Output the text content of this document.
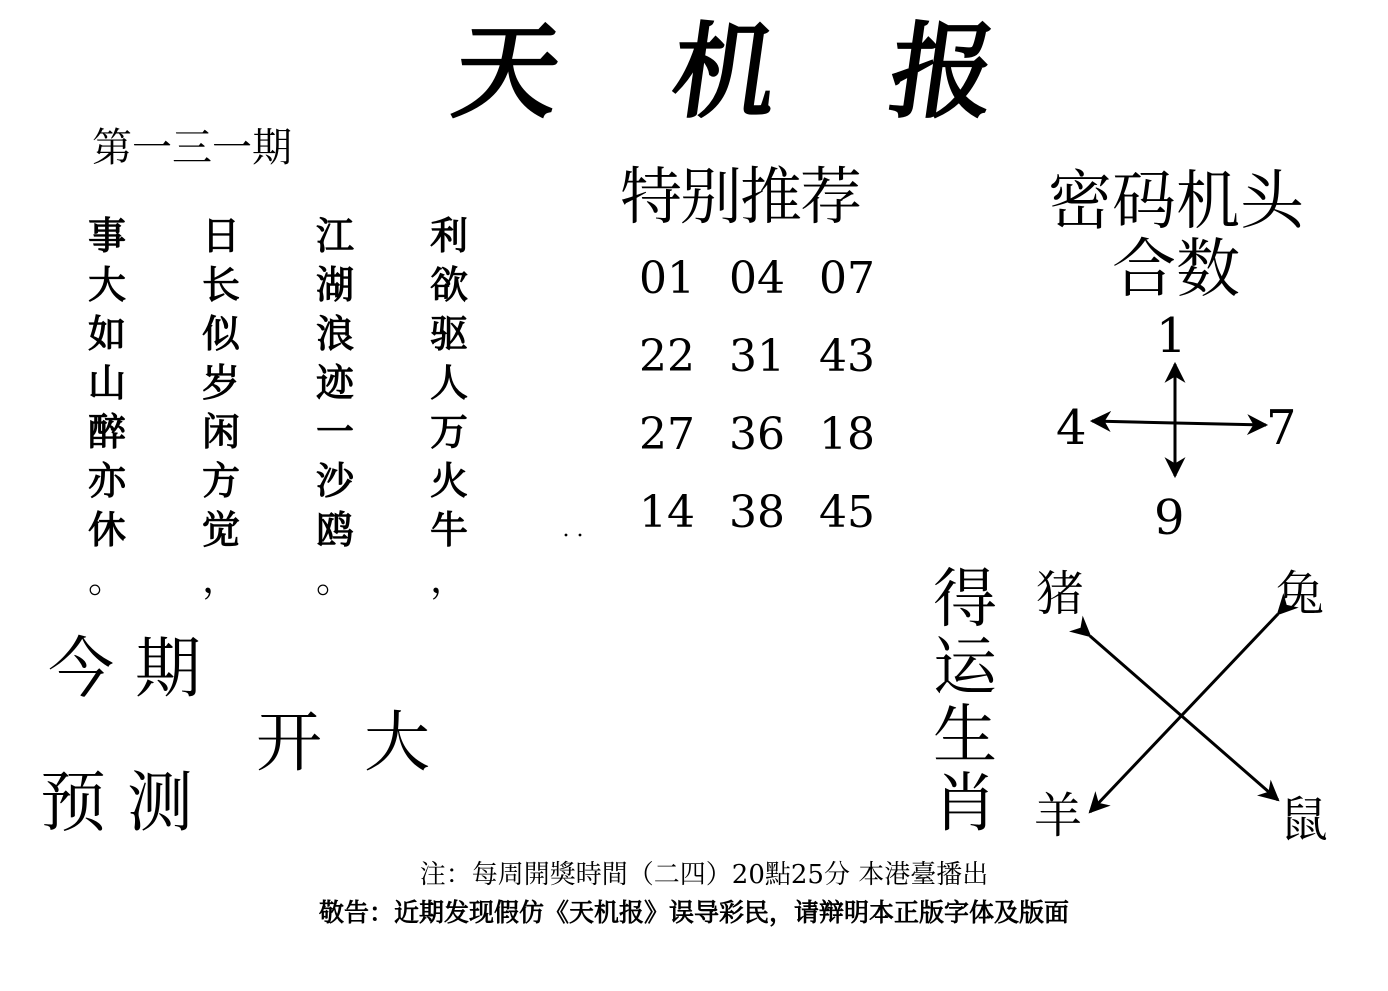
天 机 报
第一三一期
事
大
如
山
醉
亦
休
。
日
长
似
岁
闲
方
觉
，
江
湖
浪
迹
一
沙
鸥
。
利
欲
驱
人
万
火
牛
，
今 期
开  大
预 测
特别推荐
01 04 07
22 31 43
27 36 18
14 38 45
密码机头
合数
1
4	7
9
得
运
生
肖
猪	兔
羊	鼠
注：每周開獎時間（二四）20點25分 本港臺播出
敬告：近期发现假仿《天机报》误导彩民，请辩明本正版字体及版面
